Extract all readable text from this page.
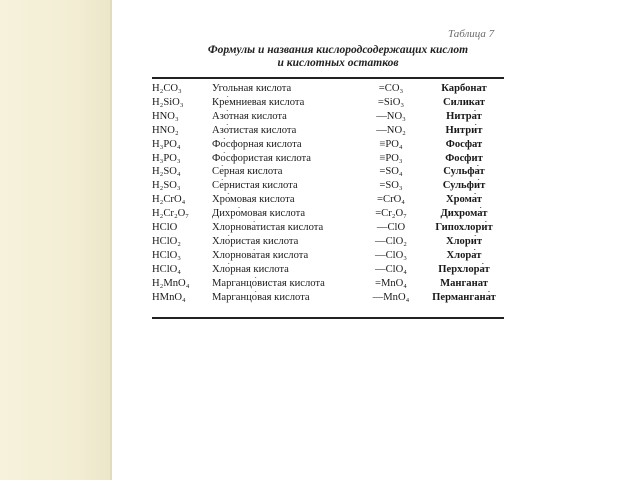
Таблица 7
Формулы и названия кислородсодержащих кислот
и кислотных остатков
H₂CO₃	Угольная кислота	=CO₃	Карбонат
H₂SiO₃	Кре́мниевая кислота	=SiO₃	Силикат
HNO₃	Азо́тная кислота	—NO₃	Нитра́т
HNO₂	Азо́тистая кислота	—NO₂	Нитри́т
H₃PO₄	Фо́сфорная кислота	≡PO₄	Фосфат
H₃PO₃	Фо́сфористая кислота	≡PO₃	Фосфит
H₂SO₄	Се́рная кислота	=SO₄	Сульфа́т
H₂SO₃	Се́рнистая кислота	=SO₃	Сульфи́т
H₂CrO₄	Хро́мовая кислота	=CrO₄	Хрома́т
H₂Cr₂O₇	Дихро́мовая кислота	=Cr₂O₇	Дихрома́т
HClO	Хлорнова́тистая кислота	—ClO	Гипохлори́т
HClO₂	Хло́ристая кислота	—ClO₂	Хлори́т
HClO₃	Хлорнова́тая кислота	—ClO₃	Хлора́т
HClO₄	Хло́рная кислота	—ClO₄	Перхлора́т
H₂MnO₄	Марганцо́вистая кислота	=MnO₄	Манганат
HMnO₄	Марганцо́вая кислота	—MnO₄	Пермангана́т
